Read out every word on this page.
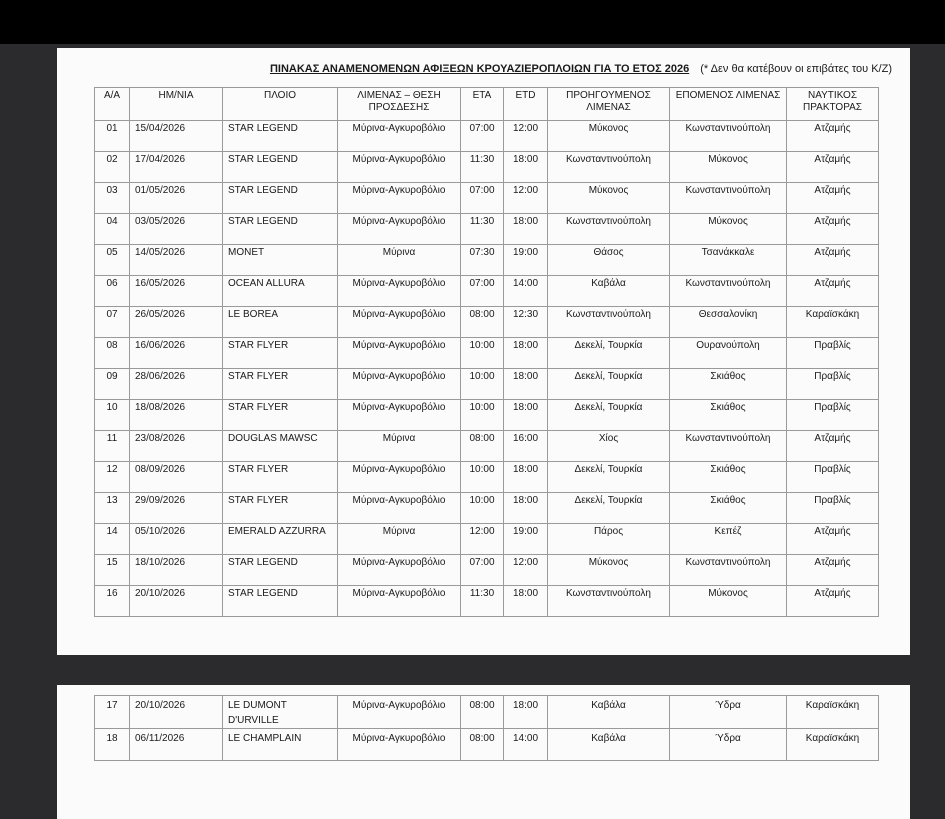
ΠΙΝΑΚΑΣ ΑΝΑΜΕΝΟΜΕΝΩΝ ΑΦΙΞΕΩΝ ΚΡΟΥΑΖΙΕΡΟΠΛΟΙΩΝ ΓΙΑ ΤΟ ΕΤΟΣ 2026 (* Δεν θα κατέβουν οι επιβάτες του Κ/Ζ)
Α/Α	ΗΜ/ΝΙΑ	ΠΛΟΙΟ	ΛΙΜΕΝΑΣ – ΘΕΣΗ ΠΡΟΣΔΕΣΗΣ	ETA	ETD	ΠΡΟΗΓΟΥΜΕΝΟΣ ΛΙΜΕΝΑΣ	ΕΠΟΜΕΝΟΣ ΛΙΜΕΝΑΣ	ΝΑΥΤΙΚΟΣ ΠΡΑΚΤΟΡΑΣ
01	15/04/2026	STAR LEGEND	Μύρινα-Αγκυροβόλιο	07:00	12:00	Μύκονος	Κωνσταντινούπολη	Ατζαμής
02	17/04/2026	STAR LEGEND	Μύρινα-Αγκυροβόλιο	11:30	18:00	Κωνσταντινούπολη	Μύκονος	Ατζαμής
03	01/05/2026	STAR LEGEND	Μύρινα-Αγκυροβόλιο	07:00	12:00	Μύκονος	Κωνσταντινούπολη	Ατζαμής
04	03/05/2026	STAR LEGEND	Μύρινα-Αγκυροβόλιο	11:30	18:00	Κωνσταντινούπολη	Μύκονος	Ατζαμής
05	14/05/2026	MONET	Μύρινα	07:30	19:00	Θάσος	Τσανάκκαλε	Ατζαμής
06	16/05/2026	OCEAN ALLURA	Μύρινα-Αγκυροβόλιο	07:00	14:00	Καβάλα	Κωνσταντινούπολη	Ατζαμής
07	26/05/2026	LE BOREA	Μύρινα-Αγκυροβόλιο	08:00	12:30	Κωνσταντινούπολη	Θεσσαλονίκη	Καραϊσκάκη
08	16/06/2026	STAR FLYER	Μύρινα-Αγκυροβόλιο	10:00	18:00	Δεκελί, Τουρκία	Ουρανούπολη	Πραβλίς
09	28/06/2026	STAR FLYER	Μύρινα-Αγκυροβόλιο	10:00	18:00	Δεκελί, Τουρκία	Σκιάθος	Πραβλίς
10	18/08/2026	STAR FLYER	Μύρινα-Αγκυροβόλιο	10:00	18:00	Δεκελί, Τουρκία	Σκιάθος	Πραβλίς
11	23/08/2026	DOUGLAS MAWSC	Μύρινα	08:00	16:00	Χίος	Κωνσταντινούπολη	Ατζαμής
12	08/09/2026	STAR FLYER	Μύρινα-Αγκυροβόλιο	10:00	18:00	Δεκελί, Τουρκία	Σκιάθος	Πραβλίς
13	29/09/2026	STAR FLYER	Μύρινα-Αγκυροβόλιο	10:00	18:00	Δεκελί, Τουρκία	Σκιάθος	Πραβλίς
14	05/10/2026	EMERALD AZZURRA	Μύρινα	12:00	19:00	Πάρος	Κεπέζ	Ατζαμής
15	18/10/2026	STAR LEGEND	Μύρινα-Αγκυροβόλιο	07:00	12:00	Μύκονος	Κωνσταντινούπολη	Ατζαμής
16	20/10/2026	STAR LEGEND	Μύρινα-Αγκυροβόλιο	11:30	18:00	Κωνσταντινούπολη	Μύκονος	Ατζαμής
17	20/10/2026	LE DUMONT D'URVILLE	Μύρινα-Αγκυροβόλιο	08:00	18:00	Καβάλα	Ύδρα	Καραϊσκάκη
18	06/11/2026	LE CHAMPLAIN	Μύρινα-Αγκυροβόλιο	08:00	14:00	Καβάλα	Ύδρα	Καραϊσκάκη
